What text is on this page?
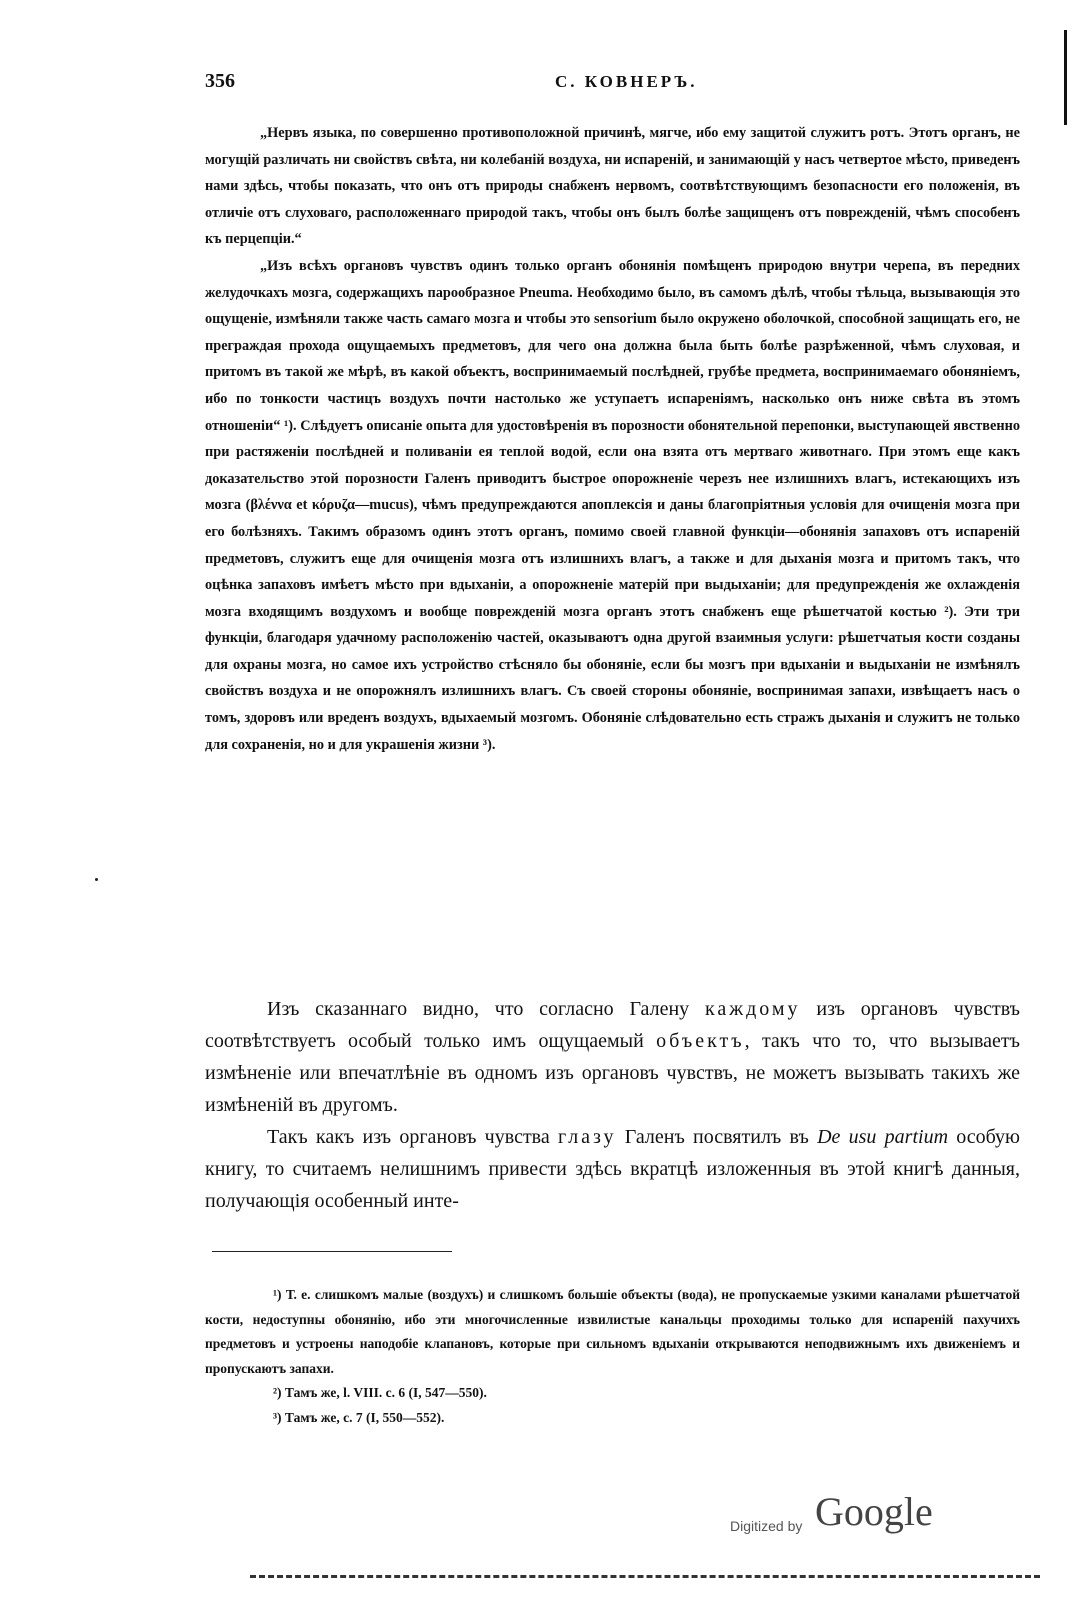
356	С. КОВНЕРЪ.

„Нервъ языка, по совершенно противоположной причинѣ, мягче, ибо ему защитой служитъ ротъ. Этотъ органъ, не могущій различать ни свойствъ свѣта, ни колебаній воздуха, ни испареній, и занимающій у насъ четвертое мѣсто, приведенъ нами здѣсь, чтобы показать, что онъ отъ природы снабженъ нервомъ, соотвѣтствующимъ безопасности его положенія, въ отличіе отъ слуховаго, расположеннаго природой такъ, чтобы онъ былъ болѣе защищенъ отъ поврежденій, чѣмъ способенъ къ перцепціи.“

„Изъ всѣхъ органовъ чувствъ одинъ только органъ обонянія помѣщенъ природою внутри черепа, въ передних желудочкахъ мозга, содержащихъ парообразное Pneuma. Необходимо было, въ самомъ дѣлѣ, чтобы тѣльца, вызывающія это ощущеніе, измѣняли также часть самаго мозга и чтобы это sensorium было окружено оболочкой, способной защищать его, не преграждая прохода ощущаемыхъ предметовъ, для чего она должна была быть болѣе разрѣженной, чѣмъ слуховая, и притомъ въ такой же мѣрѣ, въ какой объектъ, воспринимаемый послѣдней, грубѣе предмета, воспринимаемаго обоняніемъ, ибо по тонкости частицъ воздухъ почти настолько же уступаетъ испареніямъ, насколько онъ ниже свѣта въ этомъ отношеніи“ ¹). Слѣдуетъ описаніе опыта для удостовѣренія въ порозности обонятельной перепонки, выступающей явственно при растяженіи послѣдней и поливаніи ея теплой водой, если она взята отъ мертваго животнаго. При этомъ еще какъ доказательство этой порозности Галенъ приводитъ быстрое опорожненіе черезъ нее излишнихъ влагъ, истекающихъ изъ мозга (βλέννα et κόρυζα—mucus), чѣмъ предупреждаются апоплексія и даны благопріятныя условія для очищенія мозга при его болѣзняхъ. Такимъ образомъ одинъ этотъ органъ, помимо своей главной функціи—обонянія запаховъ отъ испареній предметовъ, служитъ еще для очищенія мозга отъ излишнихъ влагъ, а также и для дыханія мозга и притомъ такъ, что оцѣнка запаховъ имѣетъ мѣсто при вдыханіи, а опорожненіе матерій при выдыханіи; для предупрежденія же охлажденія мозга входящимъ воздухомъ и вообще поврежденій мозга органъ этотъ снабженъ еще рѣшетчатой костью ²). Эти три функціи, благодаря удачному расположенію частей, оказываютъ одна другой взаимныя услуги: рѣшетчатыя кости созданы для охраны мозга, но самое ихъ устройство стѣсняло бы обоняніе, если бы мозгъ при вдыханіи и выдыханіи не измѣнялъ свойствъ воздуха и не опорожнялъ излишнихъ влагъ. Съ своей стороны обоняніе, воспринимая запахи, извѣщаетъ насъ о томъ, здоровъ или вреденъ воздухъ, вдыхаемый мозгомъ. Обоняніе слѣдовательно есть стражъ дыханія и служитъ не только для сохраненія, но и для украшенія жизни ³).

Изъ сказаннаго видно, что согласно Галену каждому изъ органовъ чувствъ соотвѣтствуетъ особый только имъ ощущаемый объектъ, такъ что то, что вызываетъ измѣненіе или впечатлѣніе въ одномъ изъ органовъ чувствъ, не можетъ вызывать такихъ же измѣненій въ другомъ.

Такъ какъ изъ органовъ чувства глазу Галенъ посвятилъ въ De usu partium особую книгу, то считаемъ нелишнимъ привести здѣсь вкратцѣ изложенныя въ этой книгѣ данныя, получающія особенный инте-

¹) Т. е. слишкомъ малые (воздухъ) и слишкомъ большіе объекты (вода), не пропускаемые узкими каналами рѣшетчатой кости, недоступны обонянію, ибо эти многочисленные извилистые канальцы проходимы только для испареній пахучихъ предметовъ и устроены наподобіе клапановъ, которые при сильномъ вдыханіи открываются неподвижнымъ ихъ движеніемъ и пропускаютъ запахи.

²) Тамъ же, l. VIII. c. 6 (I, 547—550).

³) Тамъ же, c. 7 (I, 550—552).

Digitized by Google
